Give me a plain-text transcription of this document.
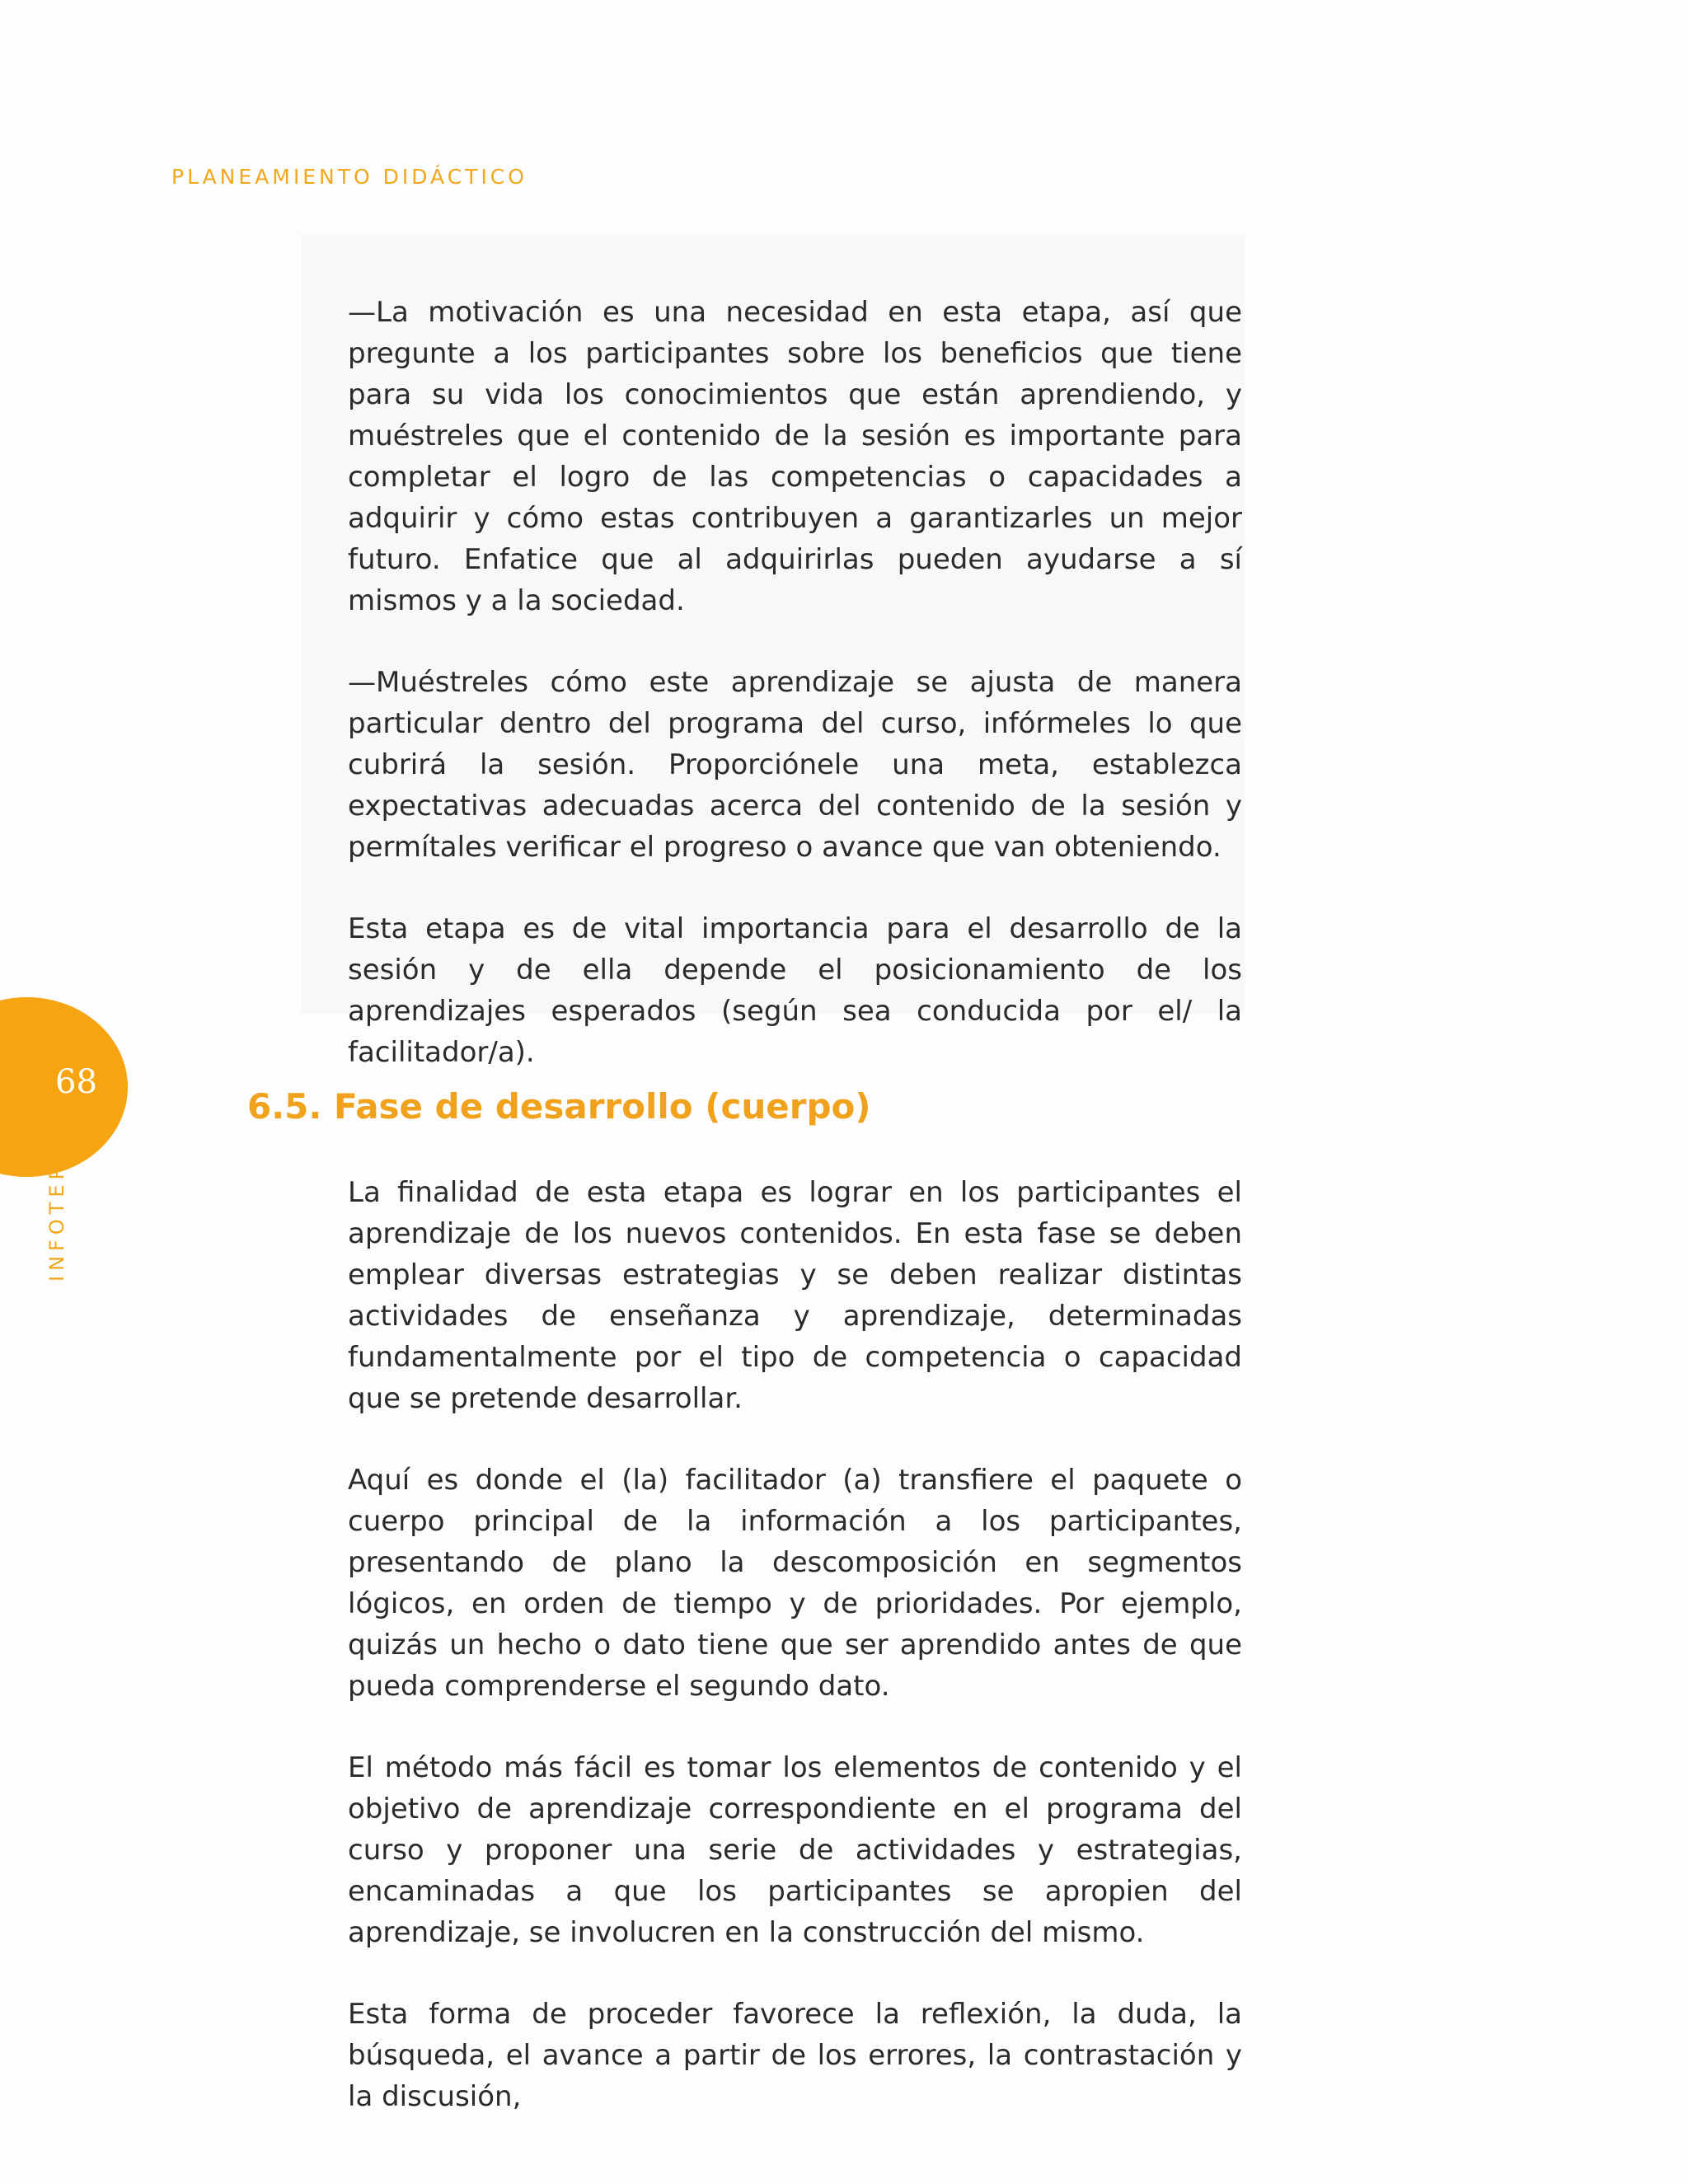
PLANEAMIENTO DIDÁCTICO

—La motivación es una necesidad en esta etapa, así que pregunte a los participantes sobre los beneficios que tiene para su vida los conocimientos que están aprendiendo, y muéstreles que el contenido de la sesión es importante para completar el logro de las competencias o capacidades a adquirir y cómo estas contribuyen a garantizarles un mejor futuro. Enfatice que al adquirirlas pueden ayudarse a sí mismos y a la sociedad.

—Muéstreles cómo este aprendizaje se ajusta de manera particular dentro del programa del curso, infórmeles lo que cubrirá la sesión. Proporciónele una meta, establezca expectativas adecuadas acerca del contenido de la sesión y permítales verificar el progreso o avance que van obteniendo.

Esta etapa es de vital importancia para el desarrollo de la sesión y de ella depende el posicionamiento de los aprendizajes esperados (según sea conducida por el/ la facilitador/a).

68
INFOTEP
6.5. Fase de desarrollo (cuerpo)

La finalidad de esta etapa es lograr en los participantes el aprendizaje de los nuevos contenidos. En esta fase se deben emplear diversas estrategias y se deben realizar distintas actividades de enseñanza y aprendizaje, determinadas fundamentalmente por el tipo de competencia o capacidad que se pretende desarrollar.

Aquí es donde el (la) facilitador (a) transfiere el paquete o cuerpo principal de la información a los participantes, presentando de plano la descomposición en segmentos lógicos, en orden de tiempo y de prioridades. Por ejemplo, quizás un hecho o dato tiene que ser aprendido antes de que pueda comprenderse el segundo dato.

El método más fácil es tomar los elementos de contenido y el objetivo de aprendizaje correspondiente en el programa del curso y proponer una serie de actividades y estrategias, encaminadas a que los participantes se apropien del aprendizaje, se involucren en la construcción del mismo.

Esta forma de proceder favorece la reflexión, la duda, la búsqueda, el avance a partir de los errores, la contrastación y la discusión,
